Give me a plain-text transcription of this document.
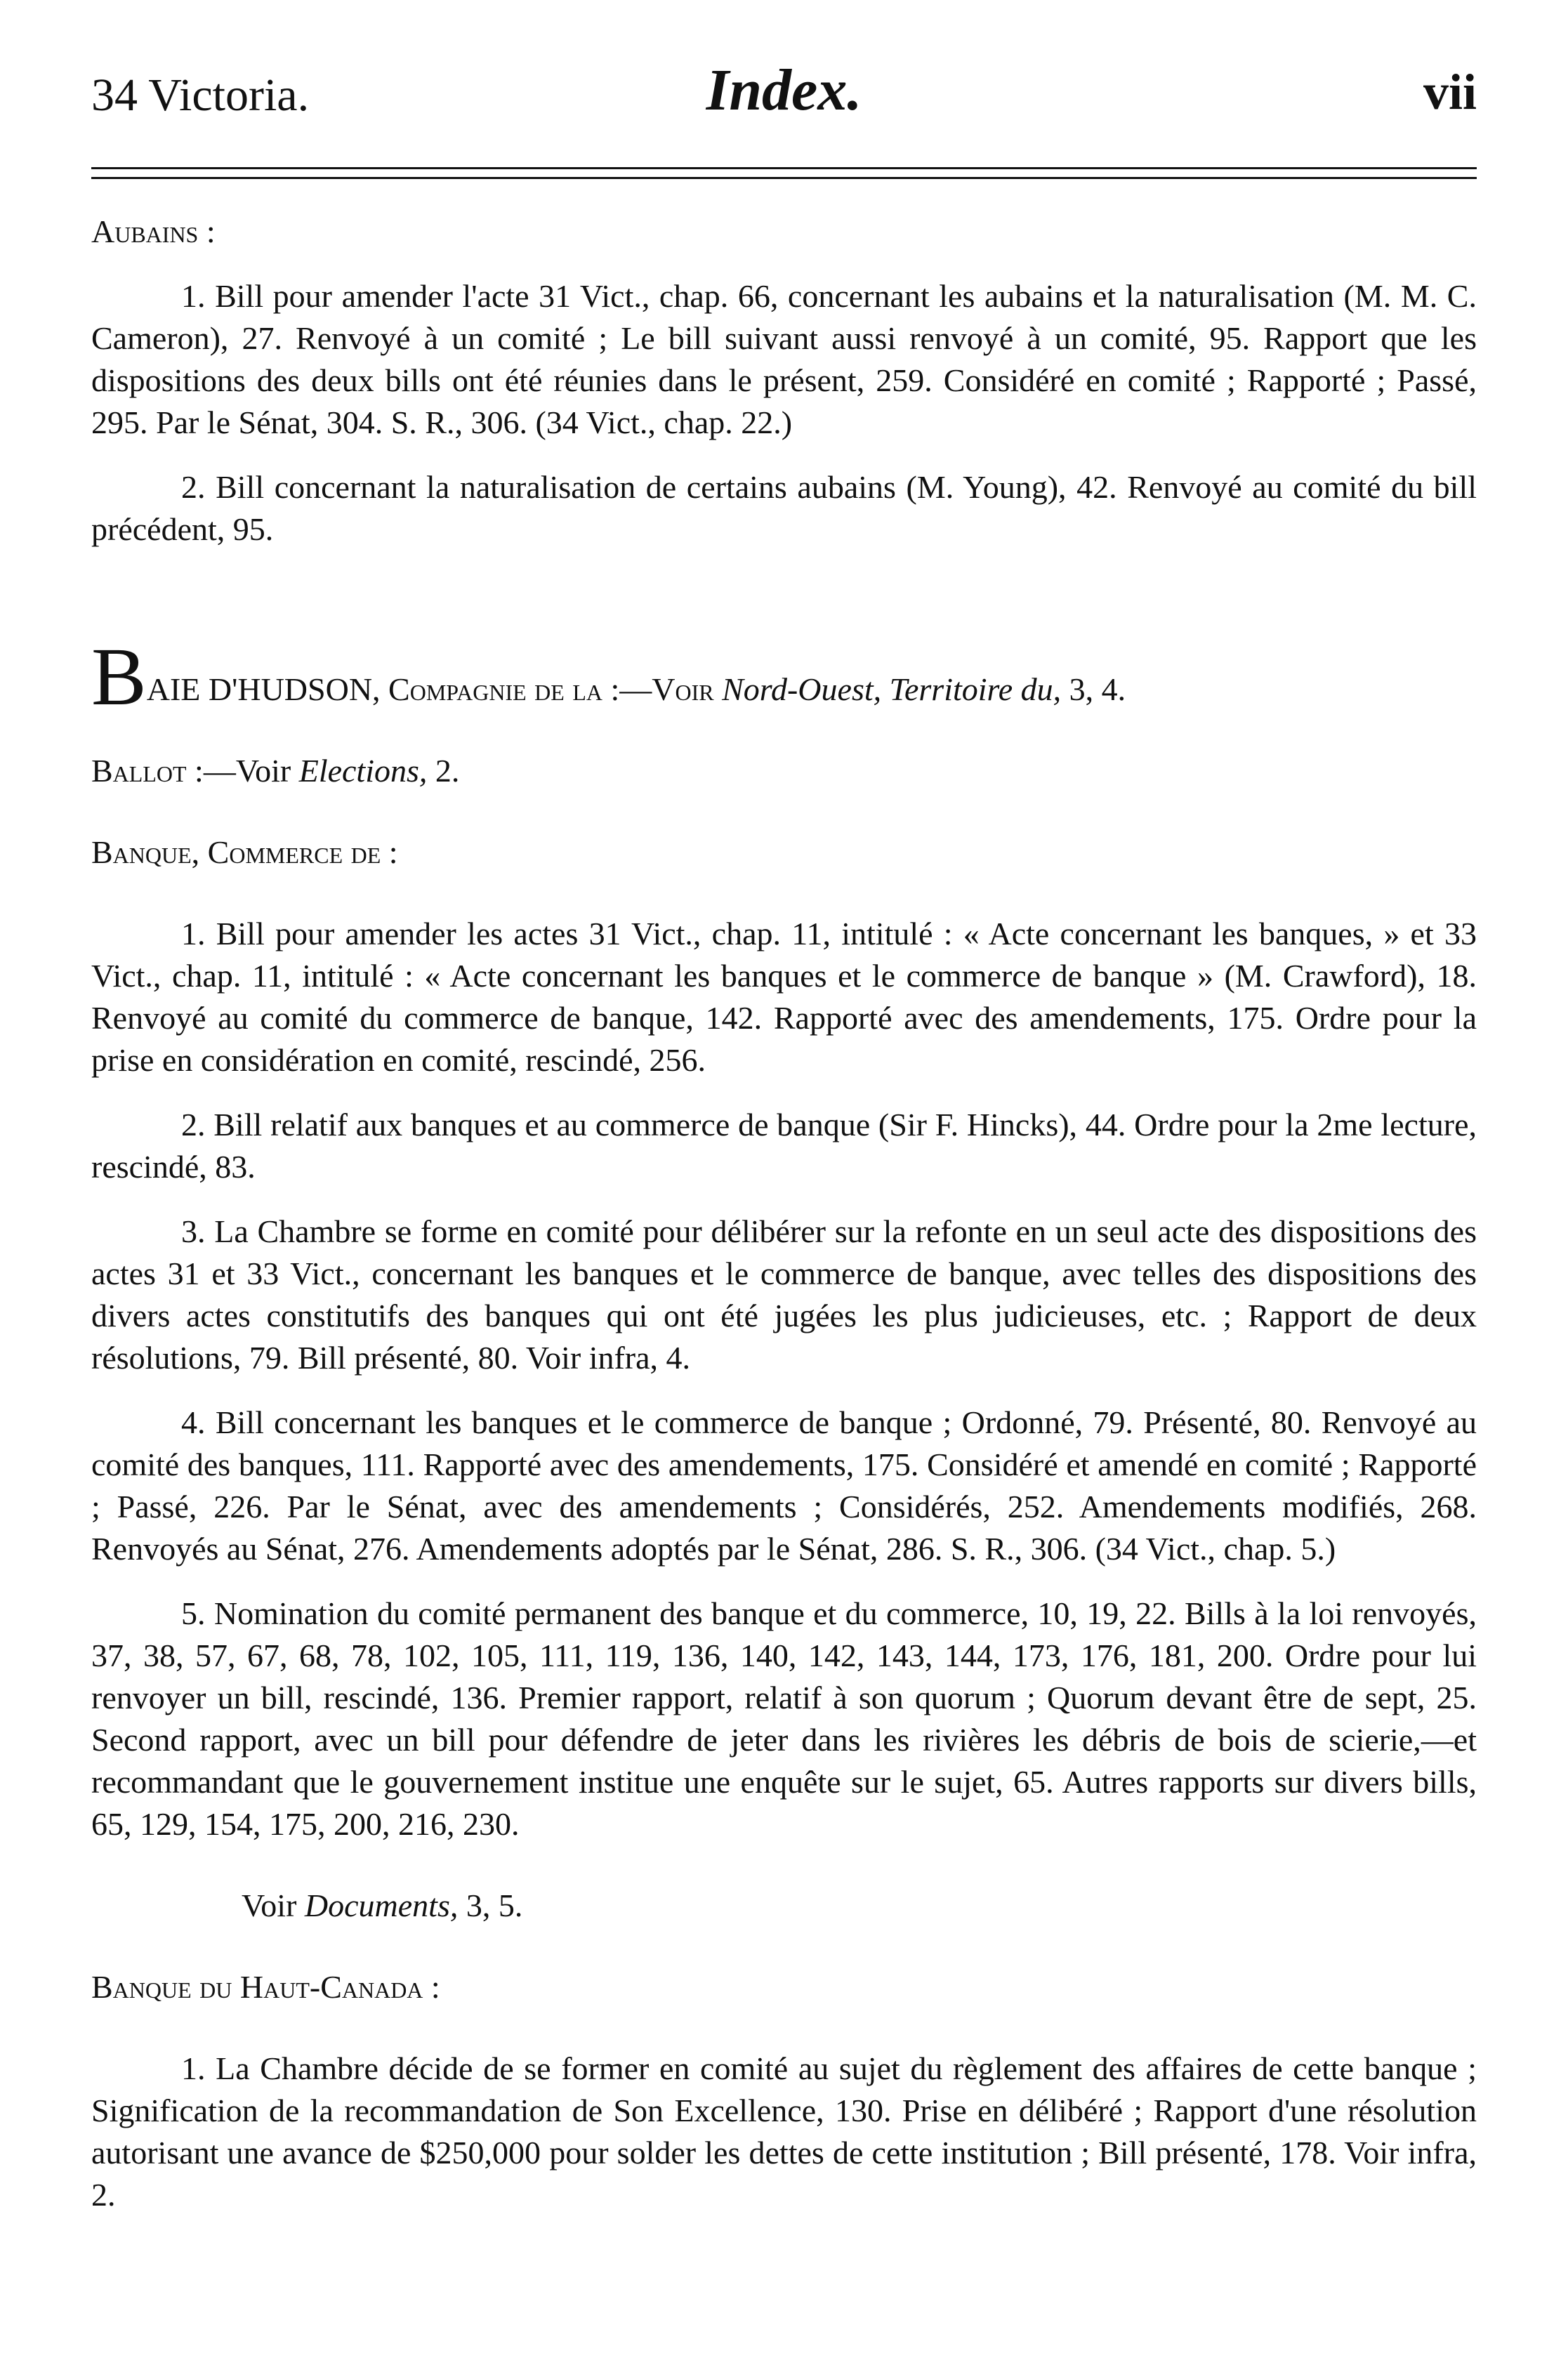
34 Victoria.	Index.	vii

Aubains :

1. Bill pour amender l'acte 31 Vict., chap. 66, concernant les aubains et la naturalisation (M. M. C. Cameron), 27. Renvoyé à un comité ; Le bill suivant aussi renvoyé à un comité, 95. Rapport que les dispositions des deux bills ont été réunies dans le présent, 259. Considéré en comité ; Rapporté ; Passé, 295. Par le Sénat, 304. S. R., 306. (34 Vict., chap. 22.)

2. Bill concernant la naturalisation de certains aubains (M. Young), 42. Renvoyé au comité du bill précédent, 95.

BAIE D'HUDSON, Compagnie de la :—Voir Nord-Ouest, Territoire du, 3, 4.

Ballot :—Voir Elections, 2.

Banque, Commerce de :

1. Bill pour amender les actes 31 Vict., chap. 11, intitulé : « Acte concernant les banques, » et 33 Vict., chap. 11, intitulé : « Acte concernant les banques et le commerce de banque » (M. Crawford), 18. Renvoyé au comité du commerce de banque, 142. Rapporté avec des amendements, 175. Ordre pour la prise en considération en comité, rescindé, 256.

2. Bill relatif aux banques et au commerce de banque (Sir F. Hincks), 44. Ordre pour la 2me lecture, rescindé, 83.

3. La Chambre se forme en comité pour délibérer sur la refonte en un seul acte des dispositions des actes 31 et 33 Vict., concernant les banques et le commerce de banque, avec telles des dispositions des divers actes constitutifs des banques qui ont été jugées les plus judicieuses, etc. ; Rapport de deux résolutions, 79. Bill présenté, 80. Voir infra, 4.

4. Bill concernant les banques et le commerce de banque ; Ordonné, 79. Présenté, 80. Renvoyé au comité des banques, 111. Rapporté avec des amendements, 175. Considéré et amendé en comité ; Rapporté ; Passé, 226. Par le Sénat, avec des amendements ; Considérés, 252. Amendements modifiés, 268. Renvoyés au Sénat, 276. Amendements adoptés par le Sénat, 286. S. R., 306. (34 Vict., chap. 5.)

5. Nomination du comité permanent des banque et du commerce, 10, 19, 22. Bills à la loi renvoyés, 37, 38, 57, 67, 68, 78, 102, 105, 111, 119, 136, 140, 142, 143, 144, 173, 176, 181, 200. Ordre pour lui renvoyer un bill, rescindé, 136. Premier rapport, relatif à son quorum ; Quorum devant être de sept, 25. Second rapport, avec un bill pour défendre de jeter dans les rivières les débris de bois de scierie,—et recommandant que le gouvernement institue une enquête sur le sujet, 65. Autres rapports sur divers bills, 65, 129, 154, 175, 200, 216, 230.

Voir Documents, 3, 5.

Banque du Haut-Canada :

1. La Chambre décide de se former en comité au sujet du règlement des affaires de cette banque ; Signification de la recommandation de Son Excellence, 130. Prise en délibéré ; Rapport d'une résolution autorisant une avance de $250,000 pour solder les dettes de cette institution ; Bill présenté, 178. Voir infra, 2.
